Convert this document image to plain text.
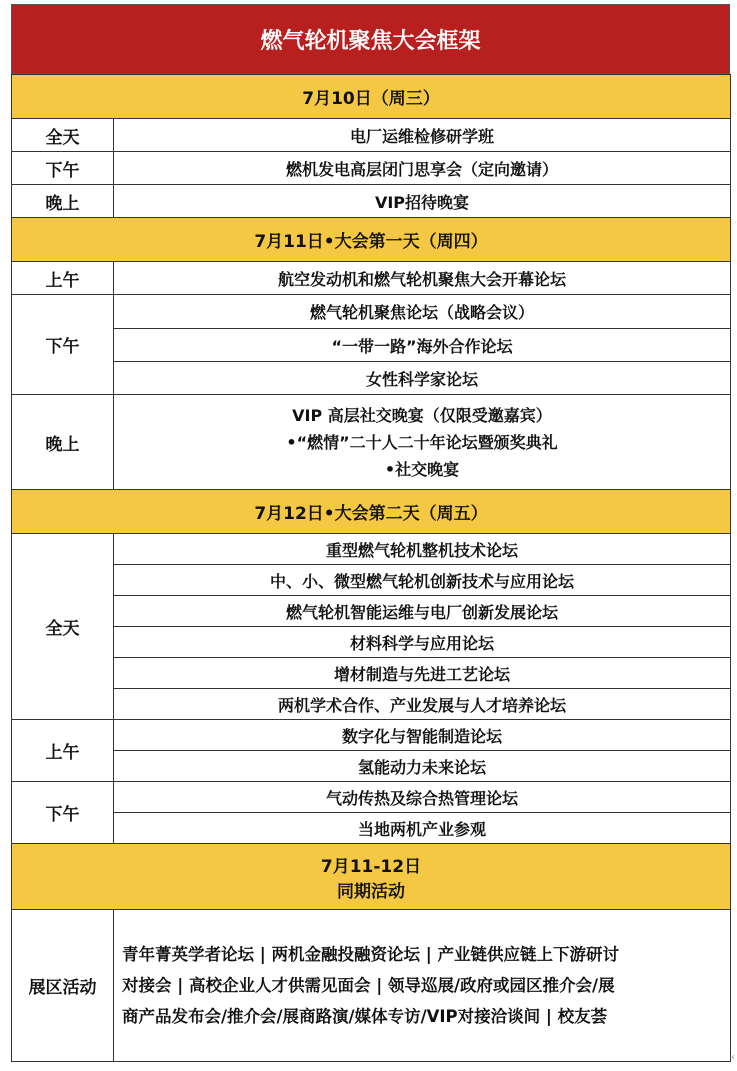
燃气轮机聚焦大会框架
7月10日（周三）	
全天	电厂运维检修研学班
下午	燃机发电高层闭门思享会（定向邀请）
晚上	VIP招待晚宴
7月11日•大会第一天（周四）	
上午	航空发动机和燃气轮机聚焦大会开幕论坛
下午	燃气轮机聚焦论坛（战略会议）
	“一带一路”海外合作论坛
	女性科学家论坛
晚上	VIP 高层社交晚宴（仅限受邀嘉宾）
•“燃情”二十人二十年论坛暨颁奖典礼
•社交晚宴

7月12日•大会第二天（周五）	
全天	重型燃气轮机整机技术论坛
	中、小、微型燃气轮机创新技术与应用论坛
	燃气轮机智能运维与电厂创新发展论坛
	材料科学与应用论坛
	增材制造与先进工艺论坛
	两机学术合作、产业发展与人才培养论坛
上午	数字化与智能制造论坛
	氢能动力未来论坛
下午	气动传热及综合热管理论坛
	当地两机产业参观

7月11-12日
同期活动	

展区活动	青年菁英学者论坛 | 两机金融投融资论坛 | 产业链供应链上下游研讨
对接会 | 高校企业人才供需见面会 | 领导巡展/政府或园区推介会/展
商产品发布会/推介会/展商路演/媒体专访/VIP对接洽谈间 | 校友荟
‹
